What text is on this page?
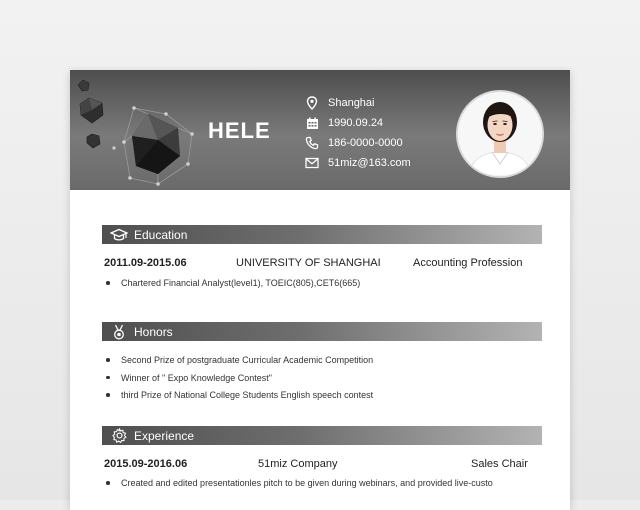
HELE
Shanghai
1990.09.24
186-0000-0000
51miz@163.com
Education
2011.09-2015.06	UNIVERSITY OF SHANGHAI	Accounting Profession
Chartered Financial Analyst(level1), TOEIC(805),CET6(665)
Honors
Second Prize of postgraduate Curricular Academic Competition
Winner of " Expo Knowledge Contest"
third Prize of National College Students English speech contest
Experience
2015.09-2016.06	51miz Company	Sales Chair
Created and edited presentationles pitch to be given during webinars, and provided live-custo
